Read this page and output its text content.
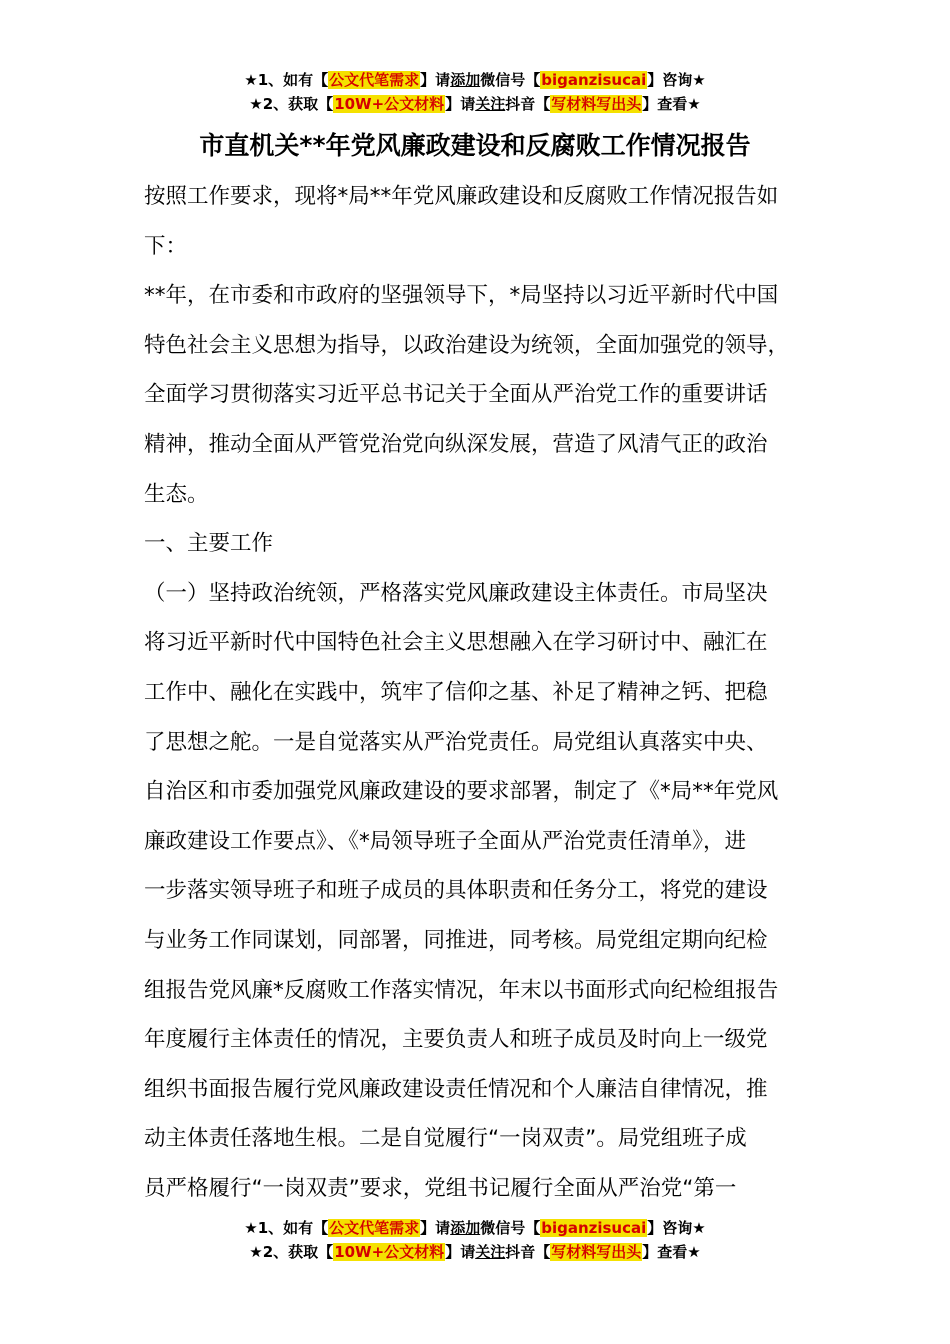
★1、如有【公文代笔需求】请添加微信号【biganzisucai】咨询★
★2、获取【10W+公文材料】请关注抖音【写材料写出头】查看★
市直机关**年党风廉政建设和反腐败工作情况报告
按照工作要求，现将*局**年党风廉政建设和反腐败工作情况报告如
下：
**年，在市委和市政府的坚强领导下，*局坚持以习近平新时代中国
特色社会主义思想为指导，以政治建设为统领，全面加强党的领导，
全面学习贯彻落实习近平总书记关于全面从严治党工作的重要讲话
精神，推动全面从严管党治党向纵深发展，营造了风清气正的政治
生态。
一、主要工作
（一）坚持政治统领，严格落实党风廉政建设主体责任。市局坚决
将习近平新时代中国特色社会主义思想融入在学习研讨中、融汇在
工作中、融化在实践中，筑牢了信仰之基、补足了精神之钙、把稳
了思想之舵。一是自觉落实从严治党责任。局党组认真落实中央、
自治区和市委加强党风廉政建设的要求部署，制定了《*局**年党风
廉政建设工作要点》、《*局领导班子全面从严治党责任清单》，进
一步落实领导班子和班子成员的具体职责和任务分工，将党的建设
与业务工作同谋划，同部署，同推进，同考核。局党组定期向纪检
组报告党风廉*反腐败工作落实情况，年末以书面形式向纪检组报告
年度履行主体责任的情况，主要负责人和班子成员及时向上一级党
组织书面报告履行党风廉政建设责任情况和个人廉洁自律情况，推
动主体责任落地生根。二是自觉履行“一岗双责”。局党组班子成
员严格履行“一岗双责”要求，党组书记履行全面从严治党“第一
★1、如有【公文代笔需求】请添加微信号【biganzisucai】咨询★
★2、获取【10W+公文材料】请关注抖音【写材料写出头】查看★
